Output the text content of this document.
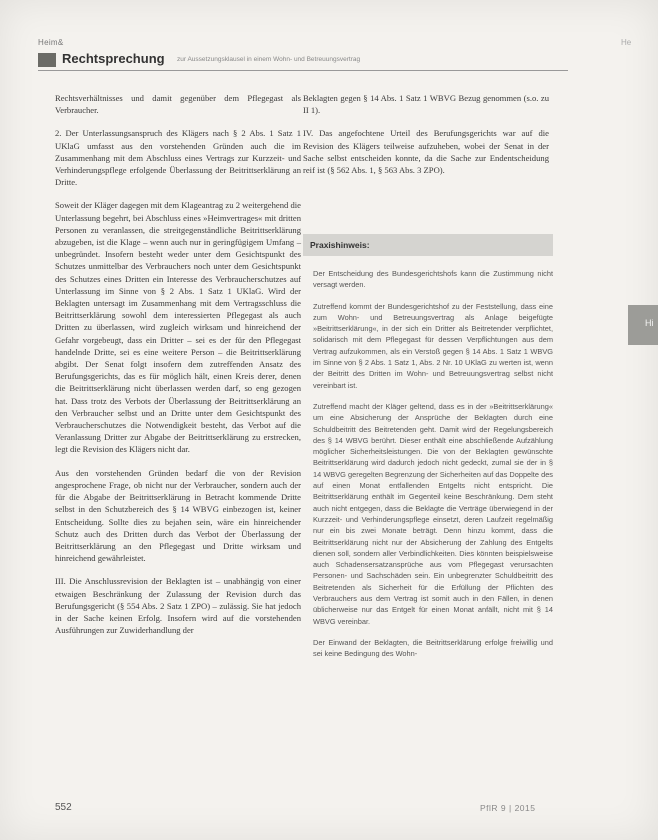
Heim&	He
Rechtsprechung zur Aussetzungsklausel in einem Wohn- und Betreuungsvertrag
Hi

Rechtsverhältnisses und damit gegenüber dem Pflegegast als Verbraucher.

2. Der Unterlassungsanspruch des Klägers nach § 2 Abs. 1 Satz 1 UKlaG umfasst aus den vorstehenden Gründen auch die im Zusammenhang mit dem Abschluss eines Vertrags zur Kurzzeit- und Verhinderungspflege erfolgende Überlassung der Beitrittserklärung an Dritte.

Soweit der Kläger dagegen mit dem Klageantrag zu 2 weitergehend die Unterlassung begehrt, bei Abschluss eines »Heimvertrages« mit dritten Personen zu veranlassen, die streitgegenständliche Beitrittserklärung abzugeben, ist die Klage – wenn auch nur in geringfügigem Umfang – unbegründet. Insofern besteht weder unter dem Gesichtspunkt des Schutzes unmittelbar des Verbrauchers noch unter dem Gesichtspunkt des Schutzes eines Dritten ein Interesse des Verbraucherschutzes auf Unterlassung im Sinne von § 2 Abs. 1 Satz 1 UKlaG. Wird der Beklagten untersagt im Zusammenhang mit dem Vertragsschluss die Beitrittserklärung sowohl dem interessierten Pflegegast als auch Dritten zu überlassen, wird zugleich wirksam und hinreichend der Gefahr vorgebeugt, dass ein Dritter – sei es der für den Pflegegast handelnde Dritte, sei es eine weitere Person – die Beitrittserklärung abgibt. Der Senat folgt insofern dem zutreffenden Ansatz des Berufungsgerichts, das es für möglich hält, einen Kreis derer, denen die Beitrittserklärung nicht überlassen werden darf, so eng gezogen hat. Dass trotz des Verbots der Überlassung der Beitrittserklärung an den Verbraucher selbst und an Dritte unter dem Gesichtspunkt des Verbraucherschutzes die Notwendigkeit besteht, das Verbot auf die Veranlassung Dritter zur Abgabe der Beitrittserklärung zu erstrecken, legt die Revision des Klägers nicht dar.

Aus den vorstehenden Gründen bedarf die von der Revision angesprochene Frage, ob nicht nur der Verbraucher, sondern auch der für die Abgabe der Beitrittserklärung in Betracht kommende Dritte selbst in den Schutzbereich des § 14 WBVG einbezogen ist, keiner Entscheidung. Sollte dies zu bejahen sein, wäre ein hinreichender Schutz auch des Dritten durch das Verbot der Überlassung der Beitrittserklärung an den Pflegegast und Dritte wirksam und hinreichend gewährleistet.

III. Die Anschlussrevision der Beklagten ist – unabhängig von einer etwaigen Beschränkung der Zulassung der Revision durch das Berufungsgericht (§ 554 Abs. 2 Satz 1 ZPO) – zulässig. Sie hat jedoch in der Sache keinen Erfolg. Insofern wird auf die vorstehenden Ausführungen zur Zuwiderhandlung der

Beklagten gegen § 14 Abs. 1 Satz 1 WBVG Bezug genommen (s.o. zu II 1).

IV. Das angefochtene Urteil des Berufungsgerichts war auf die Revision des Klägers teilweise aufzuheben, wobei der Senat in der Sache selbst entscheiden konnte, da die Sache zur Endentscheidung reif ist (§ 562 Abs. 1, § 563 Abs. 3 ZPO).

Praxishinweis:

Der Entscheidung des Bundesgerichtshofs kann die Zustimmung nicht versagt werden.

Zutreffend kommt der Bundesgerichtshof zu der Feststellung, dass eine zum Wohn- und Betreuungsvertrag als Anlage beigefügte »Beitrittserklärung«, in der sich ein Dritter als Beitretender verpflichtet, solidarisch mit dem Pflegegast für dessen Verpflichtungen aus dem Vertrag aufzukommen, als ein Verstoß gegen § 14 Abs. 1 Satz 1 WBVG im Sinne von § 2 Abs. 1 Satz 1, Abs. 2 Nr. 10 UKlaG zu werten ist, wenn der Beitritt des Dritten im Wohn- und Betreuungsvertrag selbst nicht vereinbart ist.

Zutreffend macht der Kläger geltend, dass es in der »Beitrittserklärung« um eine Absicherung der Ansprüche der Beklagten durch eine Schuldbeitritt des Beitretenden geht. Damit wird der Regelungsbereich des § 14 WBVG berührt. Dieser enthält eine abschließende Aufzählung möglicher Sicherheitsleistungen. Die von der Beklagten gewünschte Beitrittserklärung wird dadurch jedoch nicht gedeckt, zumal sie der in § 14 WBVG geregelten Begrenzung der Sicherheiten auf das Doppelte des auf einen Monat entfallenden Entgelts nicht entspricht. Die Beitrittserklärung enthält im Gegenteil keine Beschränkung. Dem steht auch nicht entgegen, dass die Beklagte die Verträge überwiegend in der Kurzzeit- und Verhinderungspflege einsetzt, deren Laufzeit regelmäßig nur ein bis zwei Monate beträgt. Denn hinzu kommt, dass die Beitrittserklärung nicht nur der Absicherung der Zahlung des Entgelts dienen soll, sondern aller Verbindlichkeiten. Dies könnten beispielsweise auch Schadensersatzansprüche aus vom Pflegegast verursachten Personen- und Sachschäden sein. Ein unbegrenzter Schuldbeitritt des Beitretenden als Sicherheit für die Erfüllung der Pflichten des Verbrauchers aus dem Vertrag ist somit auch in den Fällen, in denen üblicherweise nur das Entgelt für einen Monat anfällt, nicht mit § 14 WBVG vereinbar.

Der Einwand der Beklagten, die Beitrittserklärung erfolge freiwillig und sei keine Bedingung des Wohn-

552	PflR 9 | 2015
